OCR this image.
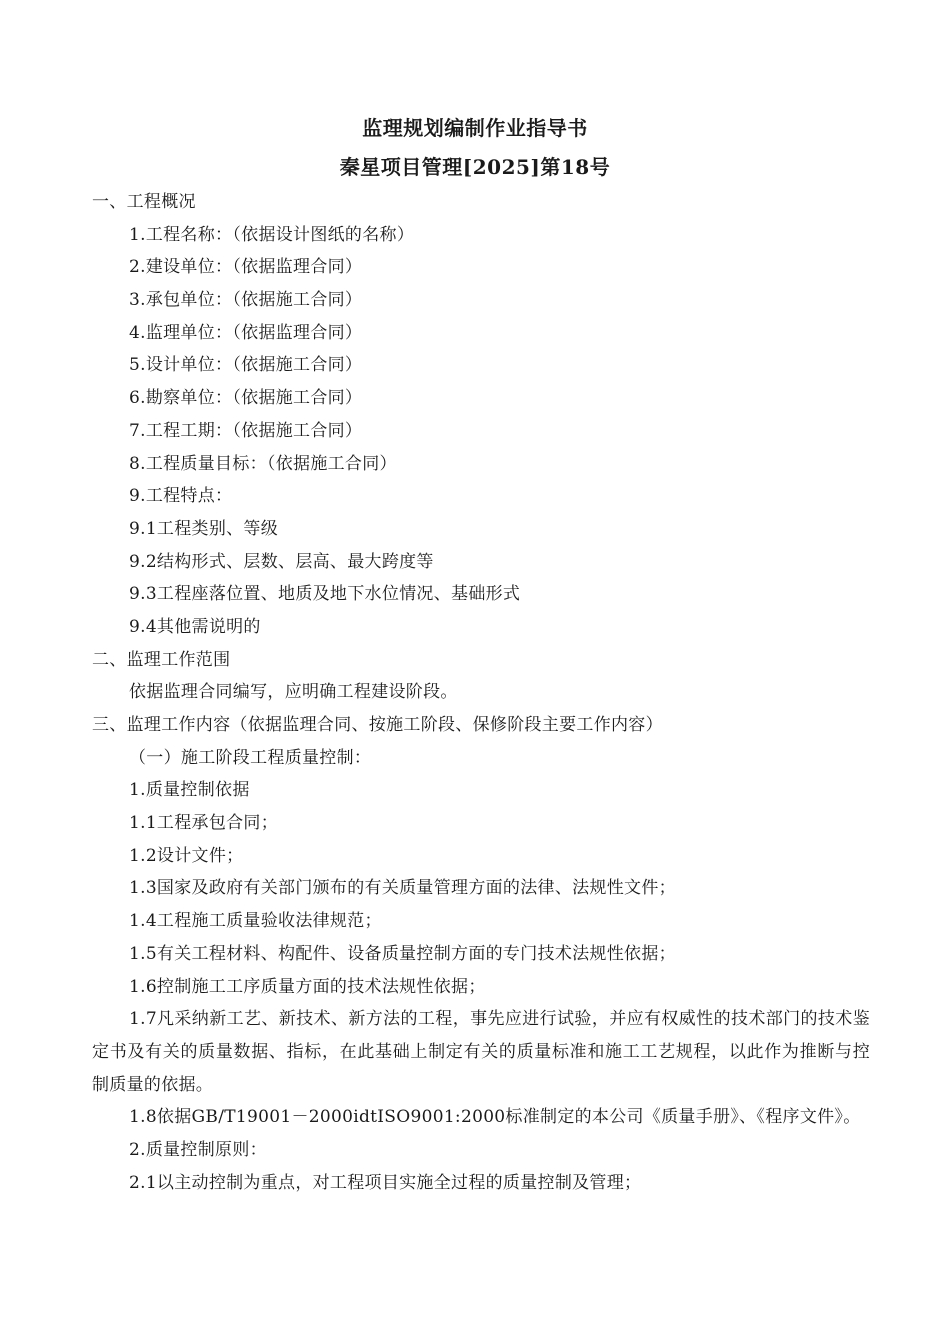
监理规划编制作业指导书
秦星项目管理[2025]第18号
一、工程概况
1.工程名称：（依据设计图纸的名称）
2.建设单位：（依据监理合同）
3.承包单位：（依据施工合同）
4.监理单位：（依据监理合同）
5.设计单位：（依据施工合同）
6.勘察单位：（依据施工合同）
7.工程工期：（依据施工合同）
8.工程质量目标：（依据施工合同）
9.工程特点：
9.1工程类别、等级
9.2结构形式、层数、层高、最大跨度等
9.3工程座落位置、地质及地下水位情况、基础形式
9.4其他需说明的
二、监理工作范围
依据监理合同编写，应明确工程建设阶段。
三、监理工作内容（依据监理合同、按施工阶段、保修阶段主要工作内容）
（一）施工阶段工程质量控制：
1.质量控制依据
1.1工程承包合同；
1.2设计文件；
1.3国家及政府有关部门颁布的有关质量管理方面的法律、法规性文件；
1.4工程施工质量验收法律规范；
1.5有关工程材料、构配件、设备质量控制方面的专门技术法规性依据；
1.6控制施工工序质量方面的技术法规性依据；
1.7凡采纳新工艺、新技术、新方法的工程，事先应进行试验，并应有权威性的技术部门的技术鉴定书及有关的质量数据、指标，在此基础上制定有关的质量标准和施工工艺规程，以此作为推断与控制质量的依据。
1.8依据GB/T19001－2000idtISO9001:2000标准制定的本公司《质量手册》、《程序文件》。
2.质量控制原则：
2.1以主动控制为重点，对工程项目实施全过程的质量控制及管理；
